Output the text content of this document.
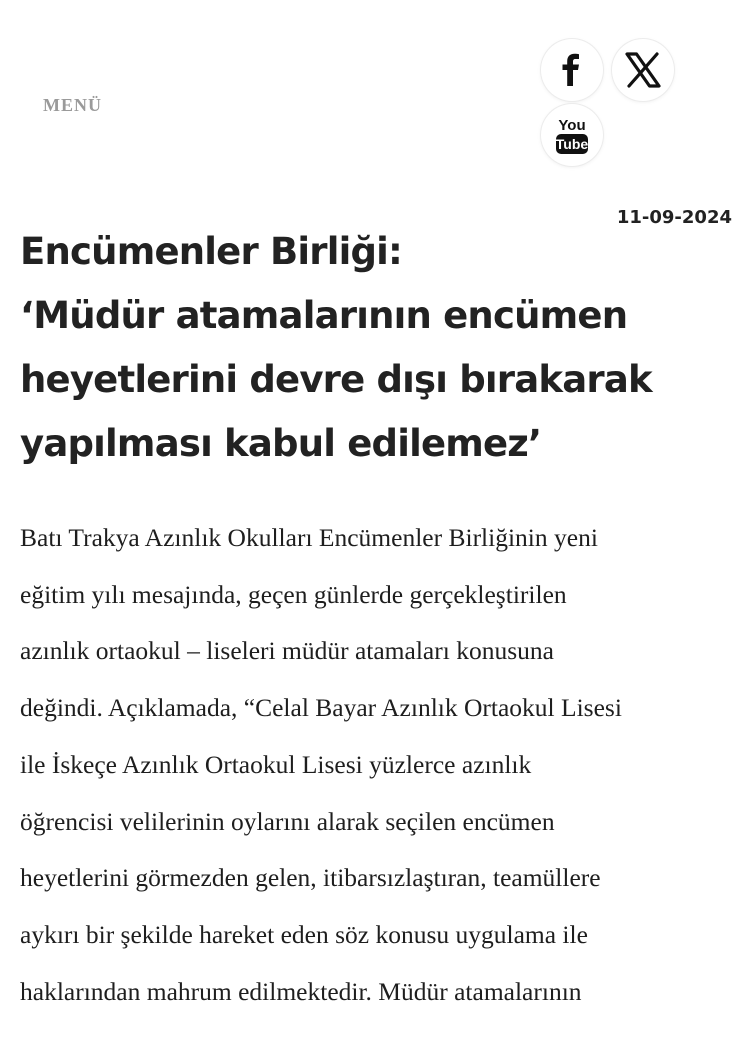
MENÜ
You
Tube
11-09-2024
Encümenler Birliği:
‘Müdür atamalarının encümen
heyetlerini devre dışı bırakarak
yapılması kabul edilemez’

Batı Trakya Azınlık Okulları Encümenler Birliğinin yeni
eğitim yılı mesajında, geçen günlerde gerçekleştirilen
azınlık ortaokul – liseleri müdür atamaları konusuna
değindi. Açıklamada, “Celal Bayar Azınlık Ortaokul Lisesi
ile İskeçe Azınlık Ortaokul Lisesi yüzlerce azınlık
öğrencisi velilerinin oylarını alarak seçilen encümen
heyetlerini görmezden gelen, itibarsızlaştıran, teamüllere
aykırı bir şekilde hareket eden söz konusu uygulama ile
haklarından mahrum edilmektedir. Müdür atamalarının
